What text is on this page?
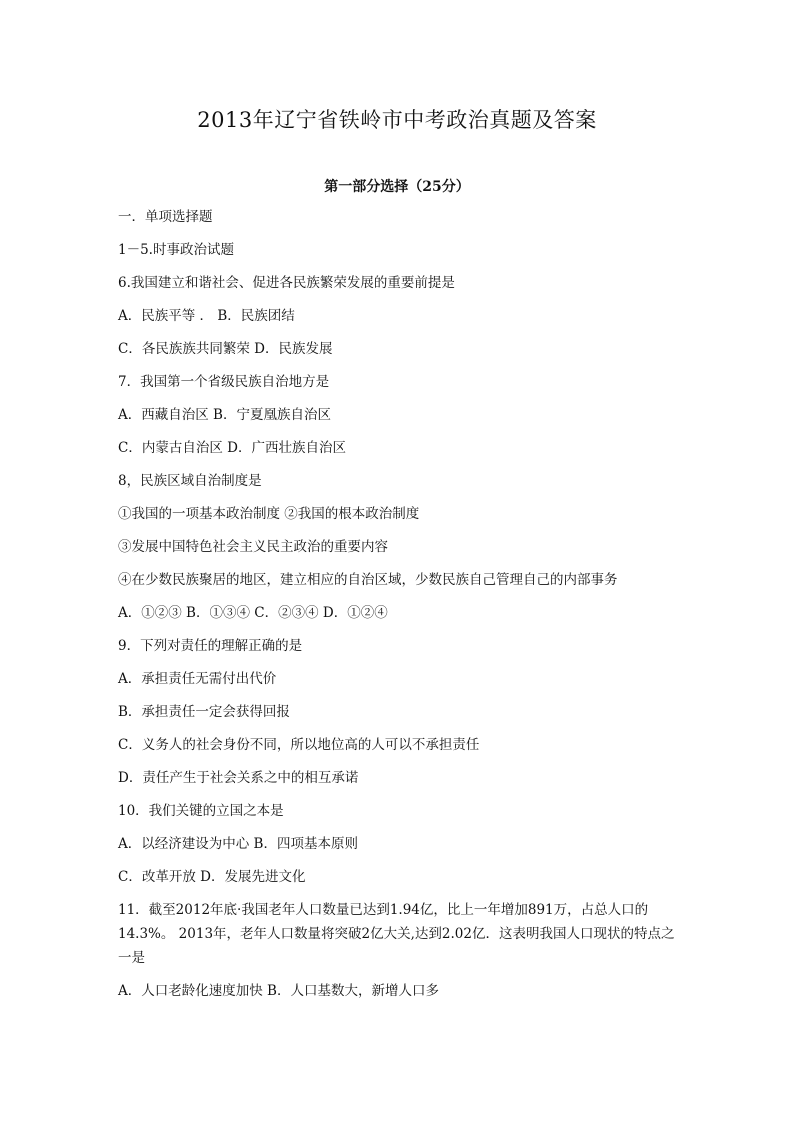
2013年辽宁省铁岭市中考政治真题及答案
第一部分选择（25分）
一．单项选择题
1－5.时事政治试题
6.我国建立和谐社会、促进各民族繁荣发展的重要前提是
A．民族平等 ． B．民族团结
C．各民族族共同繁荣 D．民族发展
7．我国第一个省级民族自治地方是
A．西藏自治区 B．宁夏凰族自治区
C．内蒙古自治区 D．广西壮族自治区
8，民族区域自治制度是
①我国的一项基本政治制度 ②我国的根本政治制度
③发展中国特色社会主义民主政治的重要内容
④在少数民族聚居的地区，建立相应的自治区域，少数民族自己管理自己的内部事务
A．①②③ B．①③④ C．②③④ D．①②④
9．下列对责任的理解正确的是
A．承担责任无需付出代价
B．承担责任一定会获得回报
C．义务人的社会身份不同，所以地位高的人可以不承担责任
D．责任产生于社会关系之中的相互承诺
10．我们关键的立国之本是
A．以经济建设为中心 B．四项基本原则
C．改革开放 D．发展先进文化
11．截至2012年底·我国老年人口数量已达到1.94亿，比上一年增加891万，占总人口的14.3%。 2013年，老年人口数量将突破2亿大关,达到2.02亿．这表明我国人口现状的特点之一是
A．人口老龄化速度加快 B．人口基数大，新增人口多
